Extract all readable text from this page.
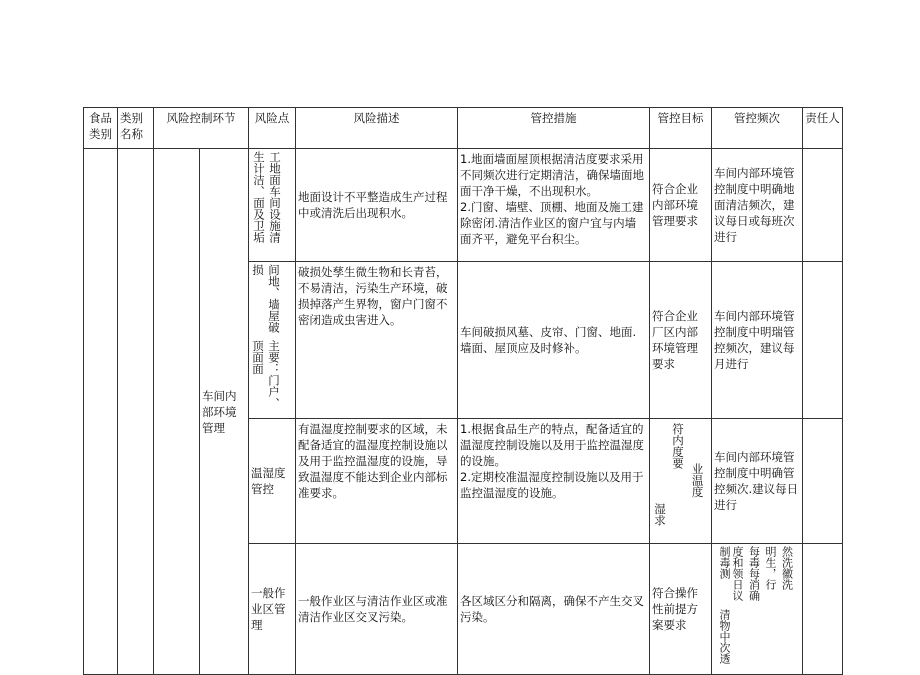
食品类别	类别名称	风险控制环节		风险点	风险描述	管控措施	管控目标	管控频次	责任人
			车间内部环境管理	工地面车间设施清生计洁、面及卫垢	地面设计不平整造成生产过程中或清洗后出现积水。	1.地面墙面屋顶根据清洁度要求采用不同频次进行定期清洁，确保墙面地面干净干燥，不出现积水。
2.门窗、墙壁、顶棚、地面及施工建除密闭.清洁作业区的窗户宜与内墙面齐平，避免平台积尘。	符合企业内部环境管理要求	车间内部环境管控制度中明确地面清洁频次，建议每日或每班次进行	
				间地、墙屋破损 主要：门户、顶面面	破损处孳生微生物和长青苔，不易清洁，污染生产环境，破损掉落产生界物，窗户门窗不密闭造成虫害进入。	车间破损风墓、皮帘、门窗、地面.墙面、屋顶应及时修补。	符合企业厂区内部环境管理要求	车间内部环境管控制度中明瑞管控频次，建议每月进行	
				温湿度管控	有温湿度控制要求的区域，未配备适宜的温湿度控制设施以及用于监控温湿度的设施，导致温湿度不能达到企业内部标准要求。	1.根据食品生产的特点，配备适宜的温湿度控制设施以及用于监控温湿度的设施。
2.定期校准温湿度控制设施以及用于监控温湿度的设施。	符内度要 业温度 湿求	车间内部环境管控制度中明确管控频次.建议每日进行	
				一般作业区管理	一般作业区与清洁作业区或准清洁作业区交叉污染。	各区域区分和隔离，确保不产生交叉污染。	符合操作性前提方案要求	度和领日议制毒测 每毒每消确 明生，行 然洗徽洗 清物中次透	
